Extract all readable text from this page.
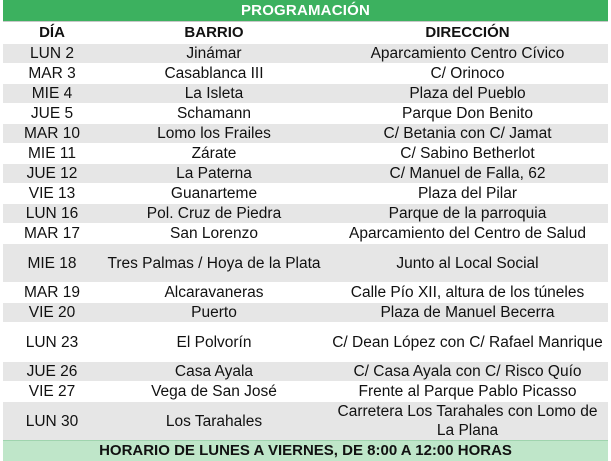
PROGRAMACIÓN
DÍA	BARRIO	DIRECCIÓN
LUN 2	Jinámar	Aparcamiento Centro Cívico
MAR 3	Casablanca III	C/ Orinoco
MIE 4	La Isleta	Plaza del Pueblo
JUE 5	Schamann	Parque Don Benito
MAR 10	Lomo los Frailes	C/ Betania con C/ Jamat
MIE 11	Zárate	C/ Sabino Betherlot
JUE 12	La Paterna	C/ Manuel de Falla, 62
VIE 13	Guanarteme	Plaza del Pilar
LUN 16	Pol. Cruz de Piedra	Parque de la parroquia
MAR 17	San Lorenzo	Aparcamiento del Centro de Salud
MIE 18	Tres Palmas / Hoya de la Plata	Junto al Local Social
MAR 19	Alcaravaneras	Calle Pío XII, altura de los túneles
VIE 20	Puerto	Plaza de Manuel Becerra
LUN 23	El Polvorín	C/ Dean López con C/ Rafael Manrique
JUE 26	Casa Ayala	C/ Casa Ayala con C/ Risco Quío
VIE 27	Vega de San José	Frente al Parque Pablo Picasso
LUN 30	Los Tarahales	Carretera Los Tarahales con Lomo de La Plana
HORARIO DE LUNES A VIERNES, DE 8:00 A 12:00 HORAS
